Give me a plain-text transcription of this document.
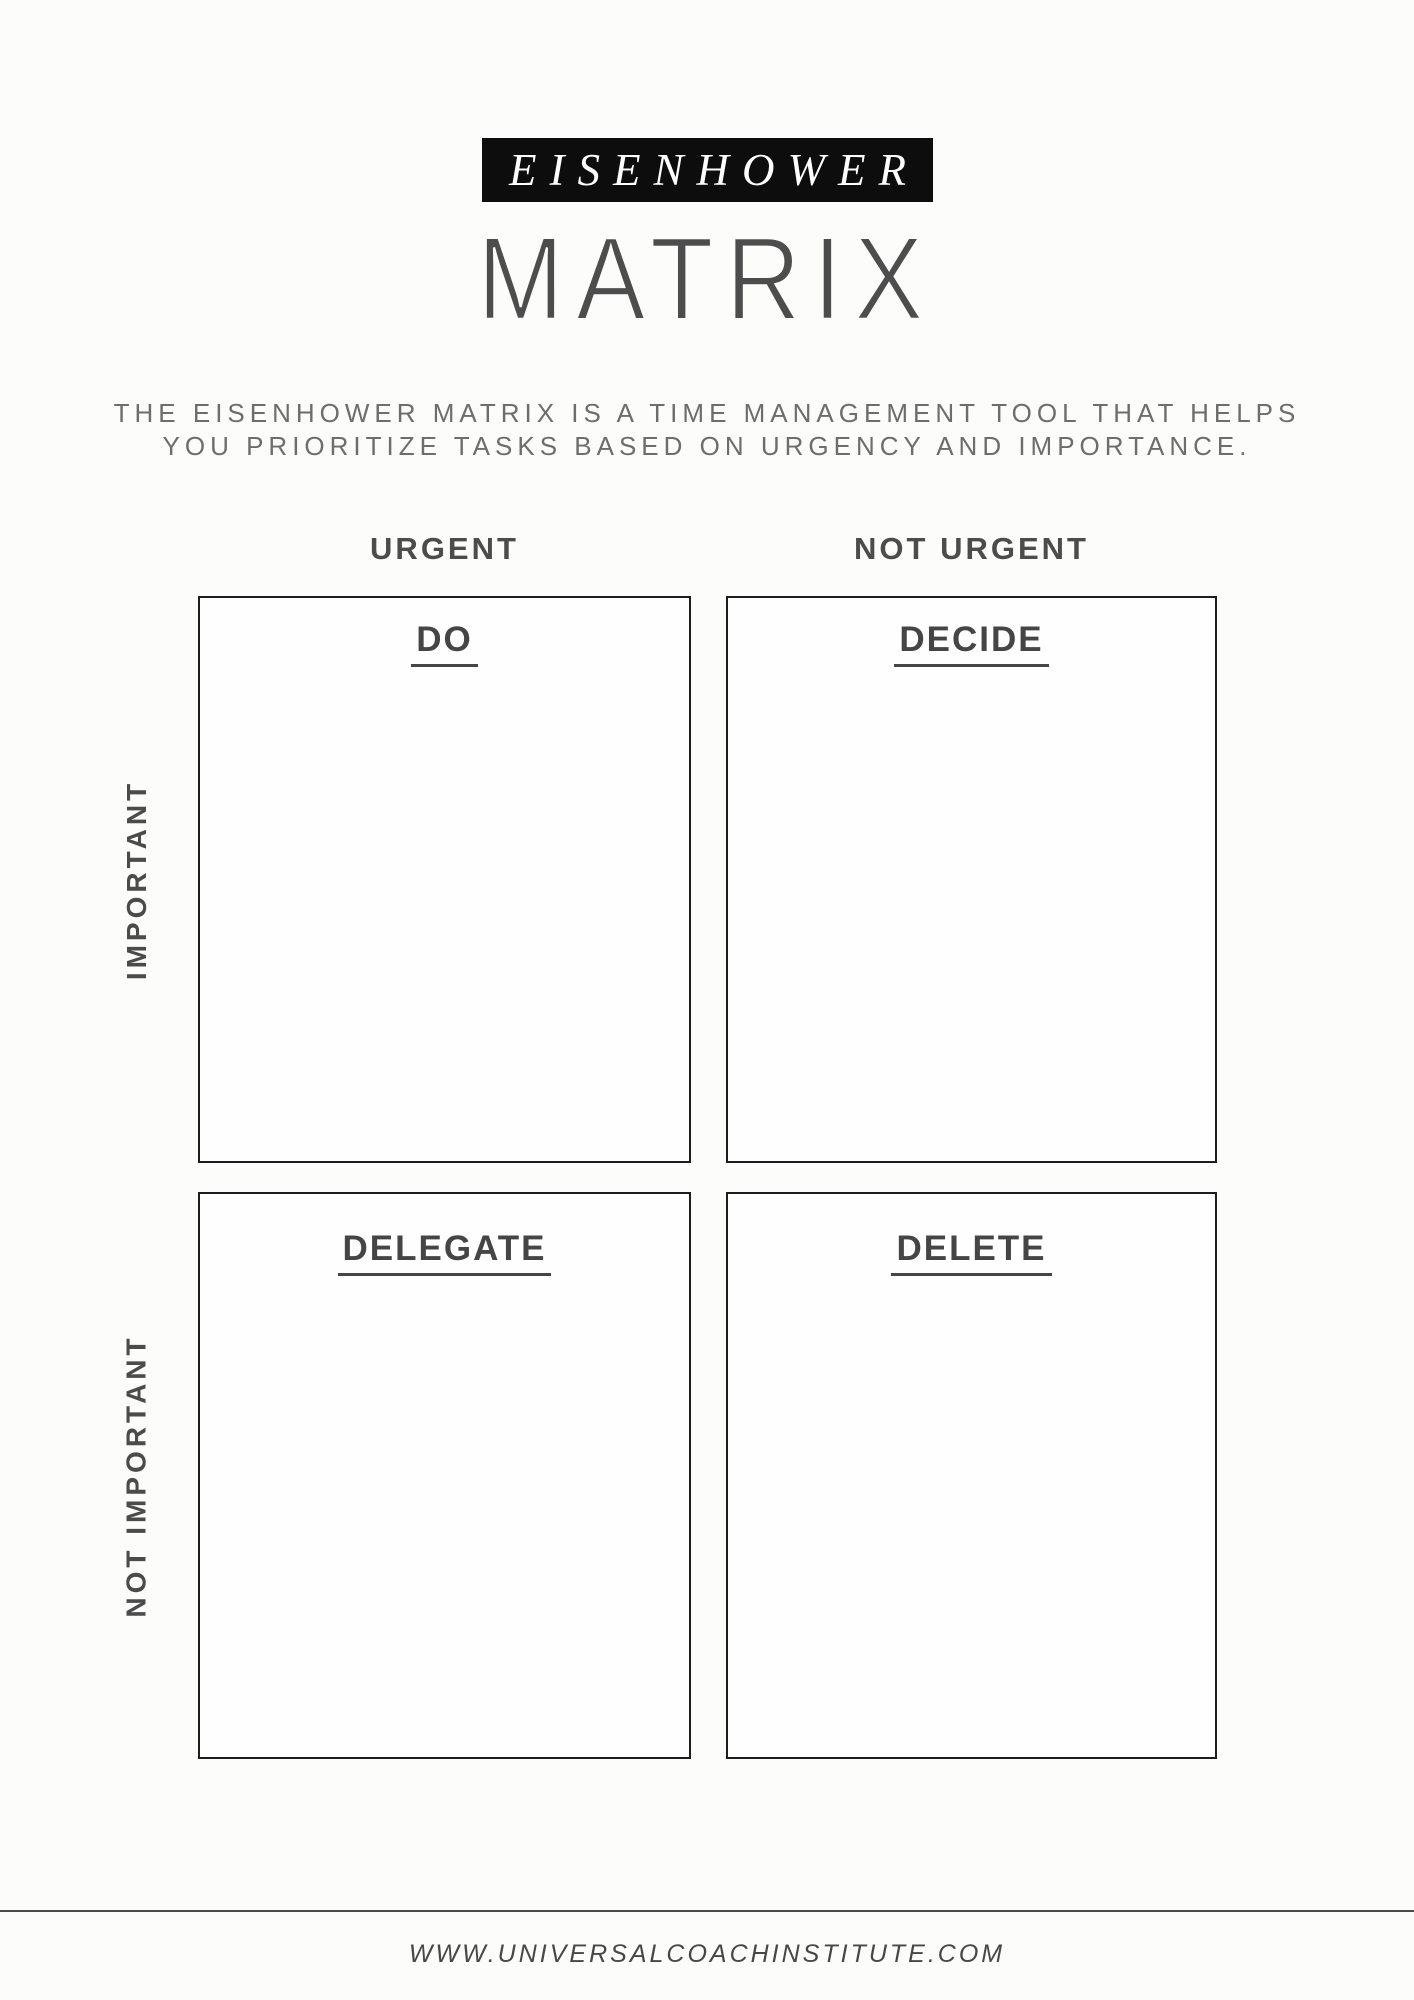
EISENHOWER
MATRIX
THE EISENHOWER MATRIX IS A TIME MANAGEMENT TOOL THAT HELPS
YOU PRIORITIZE TASKS BASED ON URGENCY AND IMPORTANCE.
URGENT	NOT URGENT
IMPORTANT
NOT IMPORTANT
DO	DECIDE
DELEGATE	DELETE
WWW.UNIVERSALCOACHINSTITUTE.COM
